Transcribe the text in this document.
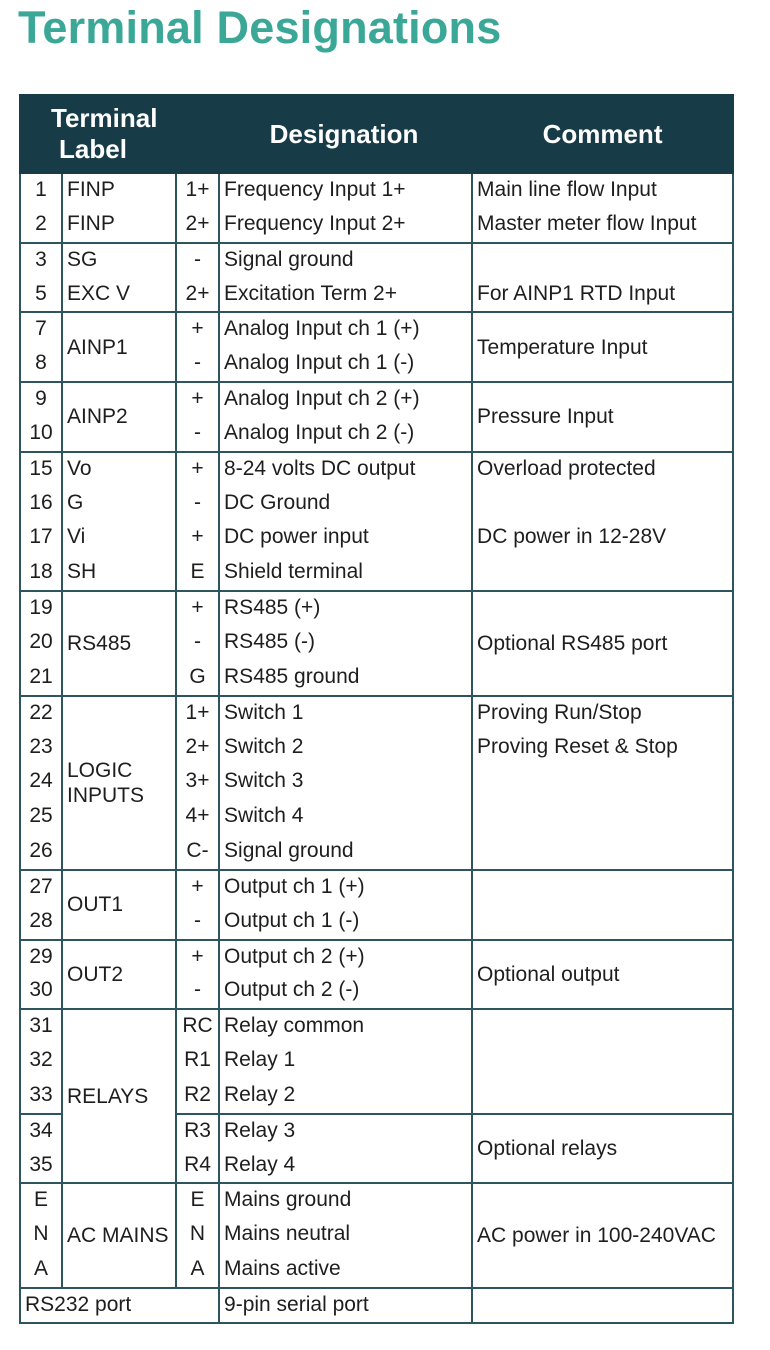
Terminal Designations
Terminal Label		Designation		Comment
1	FINP	1+	Frequency Input 1+	Main line flow Input
2	FINP	2+	Frequency Input 2+	Master meter flow Input
3	SG	-	Signal ground	
5	EXC V	2+	Excitation Term 2+	For AINP1 RTD Input
7	AINP1	+	Analog Input ch 1 (+)	Temperature Input
8		-	Analog Input ch 1 (-)	
9	AINP2	+	Analog Input ch 2 (+)	Pressure Input
10		-	Analog Input ch 2 (-)	
15	Vo	+	8-24 volts DC output	Overload protected
16	G	-	DC Ground	
17	Vi	+	DC power input	DC power in 12-28V
18	SH	E	Shield terminal	
19	RS485	+	RS485 (+)	Optional RS485 port
20		-	RS485 (-)	
21		G	RS485 ground	
22	LOGIC INPUTS	1+	Switch 1	Proving Run/Stop
23		2+	Switch 2	Proving Reset & Stop
24		3+	Switch 3	
25		4+	Switch 4	
26		C-	Signal ground	
27	OUT1	+	Output ch 1 (+)	
28		-	Output ch 1 (-)	
29	OUT2	+	Output ch 2 (+)	Optional output
30		-	Output ch 2 (-)	
31	RELAYS	RC	Relay common	
32		R1	Relay 1	
33		R2	Relay 2	
34		R3	Relay 3	Optional relays
35		R4	Relay 4	
E	AC MAINS	E	Mains ground	AC power in 100-240VAC
N		N	Mains neutral	
A		A	Mains active	
RS232 port			9-pin serial port	
